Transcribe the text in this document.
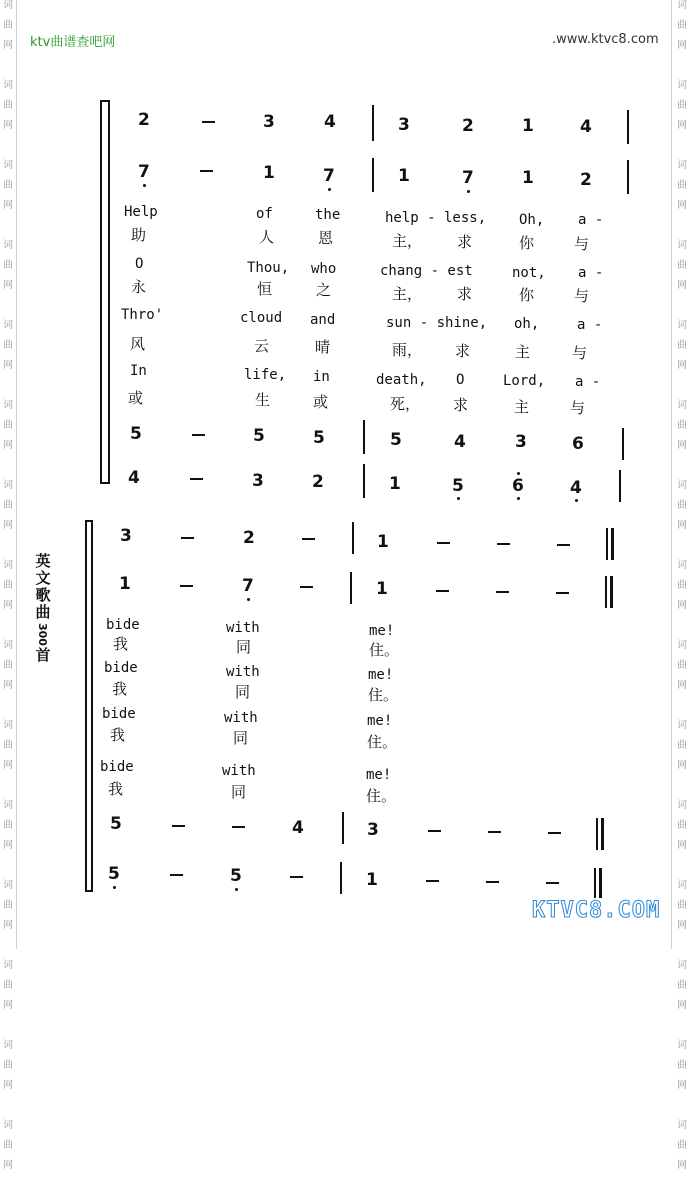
词
曲
网
词
曲
网
词
曲
网
词
曲
网
词
曲
网
词
曲
网
词
曲
网
词
曲
网
词
曲
网
词
曲
网
词
曲
网
词
曲
网
词
曲
网
词
曲
网
词
曲
网
词
曲
网
词
曲
网
词
曲
网
词
曲
网
词
曲
网
词
曲
网
词
曲
网
词
曲
网
词
曲
网
词
曲
网
词
曲
网
词
曲
网
词
曲
网
词
曲
网
词
曲
网
ktv曲谱查吧网	.www.ktvc8.com
英
文
歌
曲
300
首
2	3	4	3	2	1	4
7	1	7	1	7	1	2
Help	of	the	help - less, Oh, a -
助	人	恩	主， 求	你	与
O	Thou, who	chang - est	not, a -
永	恒	之	主， 求	你	与
Thro'	cloud and	sun - shine, oh,	a -
风	云	晴	雨， 求	主	与
In	life, in	death, O	Lord, a -
或	生	或	死， 求	主	与
5	5	5	5	4	3	6
4	3	2	1	5	6	4
3	2	1
1	7	1
bide	with	me!
我	同	住。
bide	with	me!
我	同	住。
bide	with	me!
我	同	住。
bide	with	me!
我	同	住。
5	4	3
5	5	1
KTVC8.COM
